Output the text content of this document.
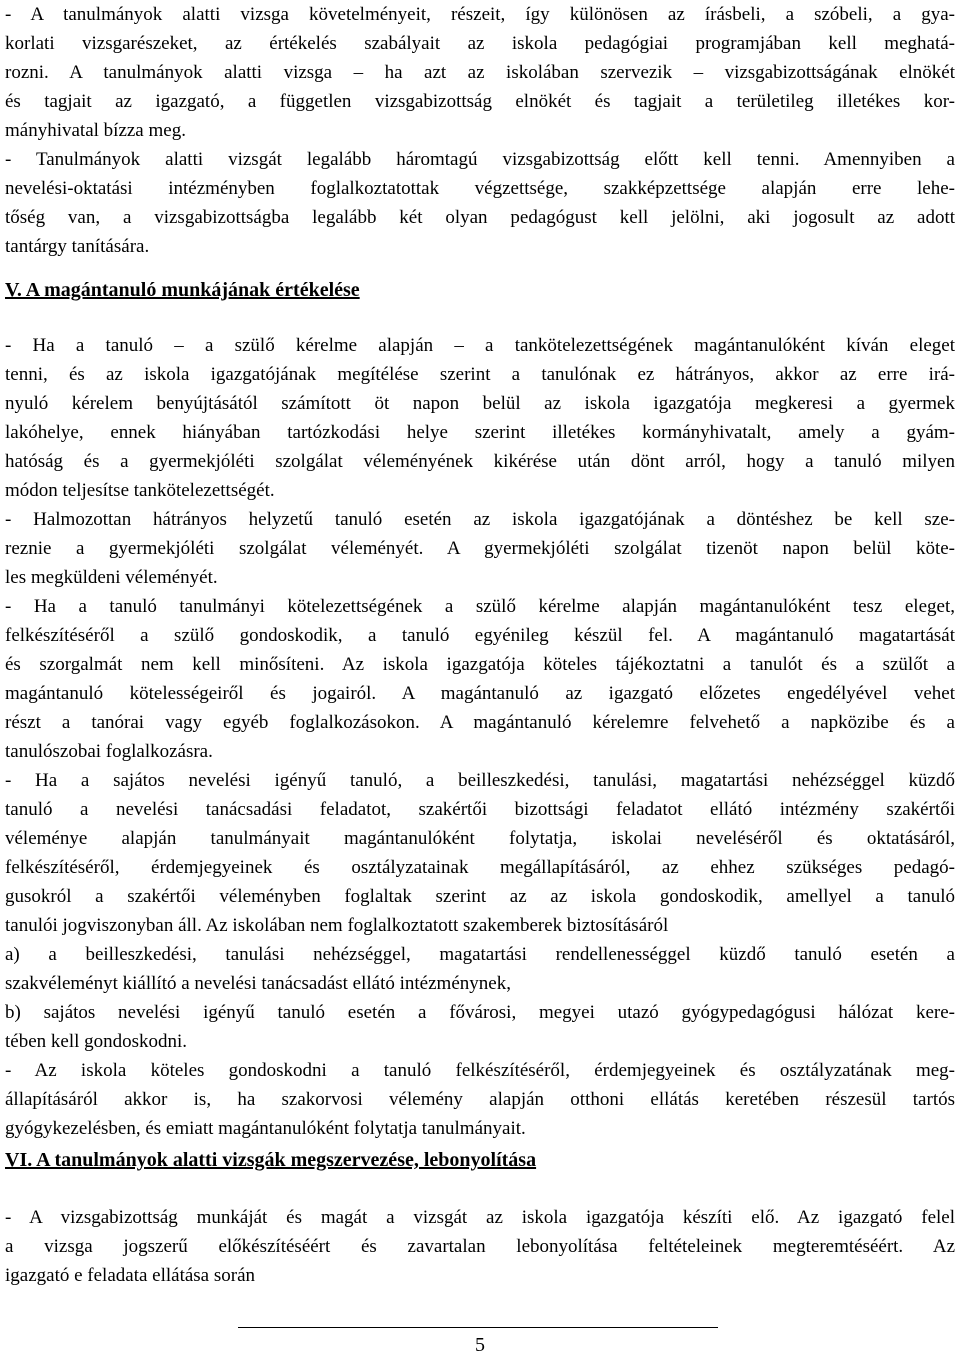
- A tanulmányok alatti vizsga követelményeit, részeit, így különösen az írásbeli, a szóbeli, a gya-
korlati vizsgarészeket, az értékelés szabályait az iskola pedagógiai programjában kell meghatá-
rozni. A tanulmányok alatti vizsga – ha azt az iskolában szervezik – vizsgabizottságának elnökét
és tagjait az igazgató, a független vizsgabizottság elnökét és tagjait a területileg illetékes kor-
mányhivatal bízza meg.
- Tanulmányok alatti vizsgát legalább háromtagú vizsgabizottság előtt kell tenni. Amennyiben a
nevelési-oktatási intézményben foglalkoztatottak végzettsége, szakképzettsége alapján erre lehe-
tőség van, a vizsgabizottságba legalább két olyan pedagógust kell jelölni, aki jogosult az adott
tantárgy tanítására.
V. A magántanuló munkájának értékelése
- Ha a tanuló – a szülő kérelme alapján – a tankötelezettségének magántanulóként kíván eleget
tenni, és az iskola igazgatójának megítélése szerint a tanulónak ez hátrányos, akkor az erre irá-
nyuló kérelem benyújtásától számított öt napon belül az iskola igazgatója megkeresi a gyermek
lakóhelye, ennek hiányában tartózkodási helye szerint illetékes kormányhivatalt, amely a gyám-
hatóság és a gyermekjóléti szolgálat véleményének kikérése után dönt arról, hogy a tanuló milyen
módon teljesítse tankötelezettségét.
- Halmozottan hátrányos helyzetű tanuló esetén az iskola igazgatójának a döntéshez be kell sze-
reznie a gyermekjóléti szolgálat véleményét. A gyermekjóléti szolgálat tizenöt napon belül köte-
les megküldeni véleményét.
- Ha a tanuló tanulmányi kötelezettségének a szülő kérelme alapján magántanulóként tesz eleget,
felkészítéséről a szülő gondoskodik, a tanuló egyénileg készül fel. A magántanuló magatartását
és szorgalmát nem kell minősíteni. Az iskola igazgatója köteles tájékoztatni a tanulót és a szülőt a
magántanuló kötelességeiről és jogairól. A magántanuló az igazgató előzetes engedélyével vehet
részt a tanórai vagy egyéb foglalkozásokon. A magántanuló kérelemre felvehető a napközibe és a
tanulószobai foglalkozásra.
- Ha a sajátos nevelési igényű tanuló, a beilleszkedési, tanulási, magatartási nehézséggel küzdő
tanuló a nevelési tanácsadási feladatot, szakértői bizottsági feladatot ellátó intézmény szakértői
véleménye alapján tanulmányait magántanulóként folytatja, iskolai neveléséről és oktatásáról,
felkészítéséről, érdemjegyeinek és osztályzatainak megállapításáról, az ehhez szükséges pedagó-
gusokról a szakértői véleményben foglaltak szerint az az iskola gondoskodik, amellyel a tanuló
tanulói jogviszonyban áll. Az iskolában nem foglalkoztatott szakemberek biztosításáról
a) a beilleszkedési, tanulási nehézséggel, magatartási rendellenességgel küzdő tanuló esetén a
szakvéleményt kiállító a nevelési tanácsadást ellátó intézménynek,
b) sajátos nevelési igényű tanuló esetén a fővárosi, megyei utazó gyógypedagógusi hálózat kere-
tében kell gondoskodni.
- Az iskola köteles gondoskodni a tanuló felkészítéséről, érdemjegyeinek és osztályzatának meg-
állapításáról akkor is, ha szakorvosi vélemény alapján otthoni ellátás keretében részesül tartós
gyógykezelésben, és emiatt magántanulóként folytatja tanulmányait.
VI. A tanulmányok alatti vizsgák megszervezése, lebonyolítása
- A vizsgabizottság munkáját és magát a vizsgát az iskola igazgatója készíti elő. Az igazgató felel
a vizsga jogszerű előkészítéséért és zavartalan lebonyolítása feltételeinek megteremtéséért. Az
igazgató e feladata ellátása során
5
